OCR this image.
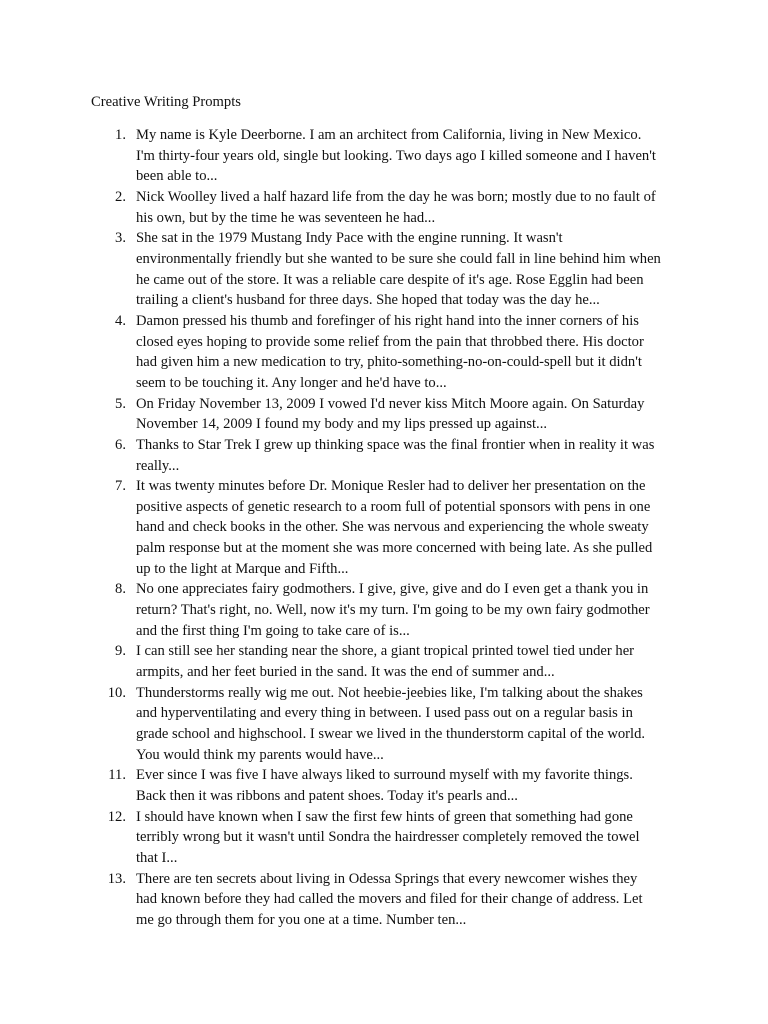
Creative Writing Prompts
1. My name is Kyle Deerborne. I am an architect from California, living in New Mexico.
I'm thirty-four years old, single but looking. Two days ago I killed someone and I haven't
been able to...
2. Nick Woolley lived a half hazard life from the day he was born; mostly due to no fault of
his own, but by the time he was seventeen he had...
3. She sat in the 1979 Mustang Indy Pace with the engine running. It wasn't
environmentally friendly but she wanted to be sure she could fall in line behind him when
he came out of the store. It was a reliable care despite of it's age. Rose Egglin had been
trailing a client's husband for three days. She hoped that today was the day he...
4. Damon pressed his thumb and forefinger of his right hand into the inner corners of his
closed eyes hoping to provide some relief from the pain that throbbed there. His doctor
had given him a new medication to try, phito-something-no-on-could-spell but it didn't
seem to be touching it. Any longer and he'd have to...
5. On Friday November 13, 2009 I vowed I'd never kiss Mitch Moore again. On Saturday
November 14, 2009 I found my body and my lips pressed up against...
6. Thanks to Star Trek I grew up thinking space was the final frontier when in reality it was
really...
7. It was twenty minutes before Dr. Monique Resler had to deliver her presentation on the
positive aspects of genetic research to a room full of potential sponsors with pens in one
hand and check books in the other. She was nervous and experiencing the whole sweaty
palm response but at the moment she was more concerned with being late. As she pulled
up to the light at Marque and Fifth...
8. No one appreciates fairy godmothers. I give, give, give and do I even get a thank you in
return? That's right, no. Well, now it's my turn. I'm going to be my own fairy godmother
and the first thing I'm going to take care of is...
9. I can still see her standing near the shore, a giant tropical printed towel tied under her
armpits, and her feet buried in the sand. It was the end of summer and...
10. Thunderstorms really wig me out. Not heebie-jeebies like, I'm talking about the shakes
and hyperventilating and every thing in between. I used pass out on a regular basis in
grade school and highschool. I swear we lived in the thunderstorm capital of the world.
You would think my parents would have...
11. Ever since I was five I have always liked to surround myself with my favorite things.
Back then it was ribbons and patent shoes. Today it's pearls and...
12. I should have known when I saw the first few hints of green that something had gone
terribly wrong but it wasn't until Sondra the hairdresser completely removed the towel
that I...
13. There are ten secrets about living in Odessa Springs that every newcomer wishes they
had known before they had called the movers and filed for their change of address. Let
me go through them for you one at a time. Number ten...
